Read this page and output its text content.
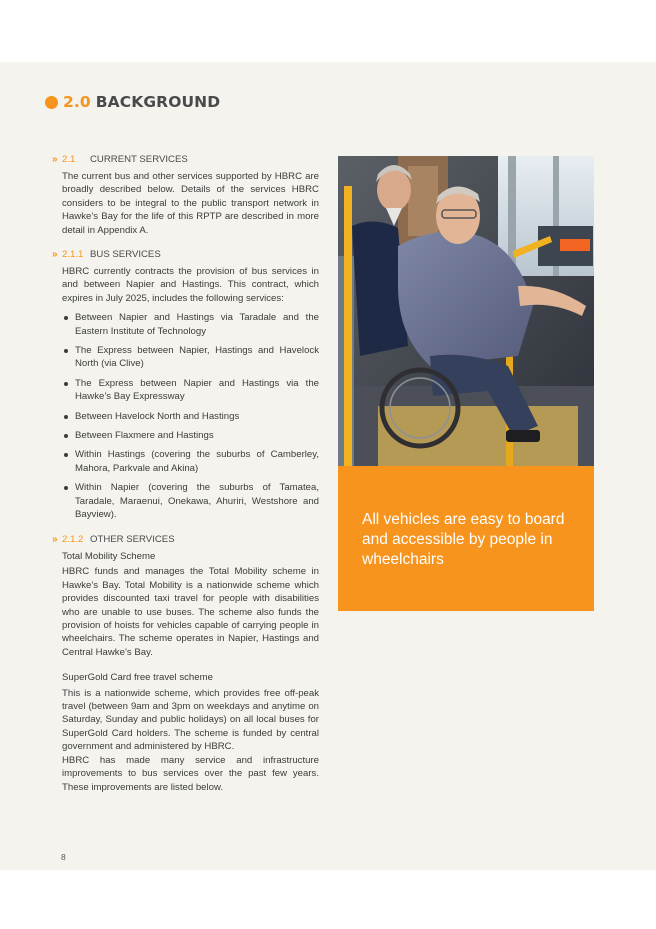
2.0 BACKGROUND
» 2.1	CURRENT SERVICES

The current bus and other services supported by HBRC are broadly described below. Details of the services HBRC considers to be integral to the public transport network in Hawke’s Bay for the life of this RPTP are described in more detail in Appendix A.

» 2.1.1 BUS SERVICES

HBRC currently contracts the provision of bus services in and between Napier and Hastings. This contract, which expires in July 2025, includes the following services:

Between Napier and Hastings via Taradale and the Eastern Institute of Technology
The Express between Napier, Hastings and Havelock North (via Clive)
The Express between Napier and Hastings via the Hawke’s Bay Expressway
Between Havelock North and Hastings
Between Flaxmere and Hastings
Within Hastings (covering the suburbs of Camberley, Mahora, Parkvale and Akina)
Within Napier (covering the suburbs of Tamatea, Taradale, Maraenui, Onekawa, Ahuriri, Westshore and Bayview).
» 2.1.2 OTHER SERVICES
Total Mobility Scheme

HBRC funds and manages the Total Mobility scheme in Hawke’s Bay. Total Mobility is a nationwide scheme which provides discounted taxi travel for people with disabilities who are unable to use buses. The scheme also funds the provision of hoists for vehicles capable of carrying people in wheelchairs. The scheme operates in Napier, Hastings and Central Hawke’s Bay.

SuperGold Card free travel scheme

This is a nationwide scheme, which provides free off-peak travel (between 9am and 3pm on weekdays and anytime on Saturday, Sunday and public holidays) on all local buses for SuperGold Card holders. The scheme is funded by central government and administered by HBRC.

HBRC has made many service and infrastructure improvements to bus services over the past few years. These improvements are listed below.

All vehicles are easy to board and accessible by people in wheelchairs
8
